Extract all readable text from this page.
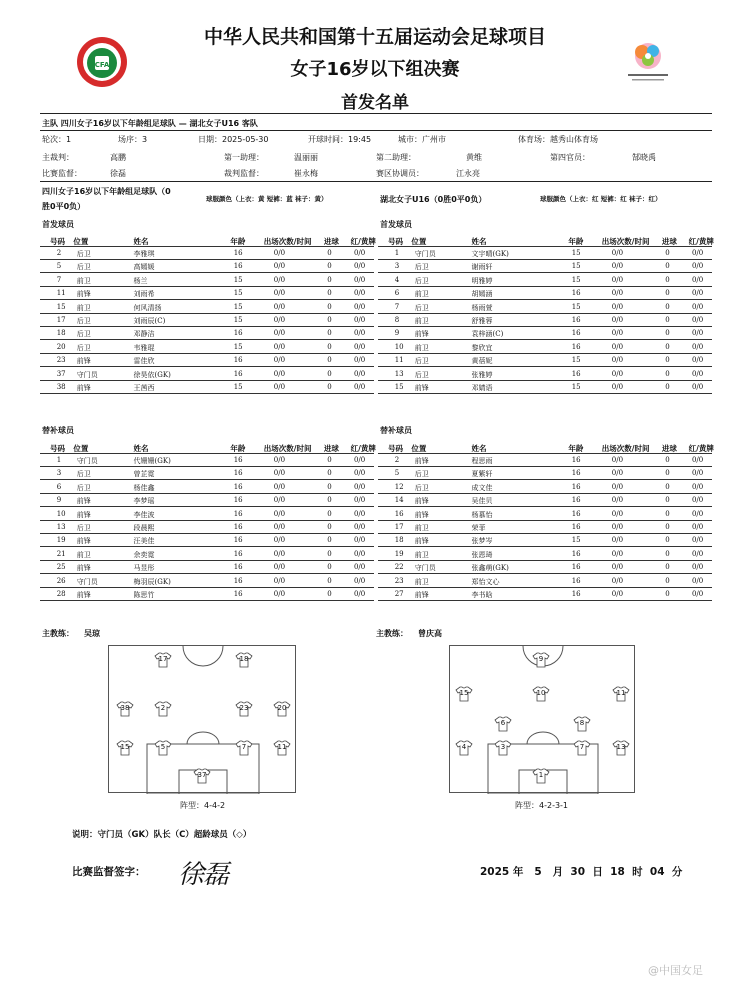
CFA
中华人民共和国第十五届运动会足球项目
女子16岁以下组决赛
首发名单
主队 四川女子16岁以下年龄组足球队 — 湖北女子U16 客队
轮次：1	场序：3	日期：2025-05-30	开球时间：19:45	城市：广州市	体育场：越秀山体育场
主裁判：	高鹏	第一助理：	温丽丽	第二助理：	黄维	第四官员：	郜晓禹
比赛监督：	徐磊	裁判监督：	崔永梅	赛区协调员：	江永亮
四川女子16岁以下年龄组足球队（0
胜0平0负）
球服颜色（上衣：黄 短裤：蓝 袜子：黄）	湖北女子U16（0胜0平0负）	球服颜色（上衣：红 短裤：红 袜子：红）
首发球员	首发球员
替补球员	替补球员
号码 位置	姓名	年龄 出场次数/时间 进球 红/黄牌
2 后卫	李雅琪	16	0/0	0	0/0
5 后卫	高嫣媛	16	0/0	0	0/0
7 前卫	杨兰	15	0/0	0	0/0
11 前锋	刘雨希	15	0/0	0	0/0
15 前卫	何风清扬	15	0/0	0	0/0
17 后卫	刘雨辰(C)	15	0/0	0	0/0
18 后卫	邓静洁	16	0/0	0	0/0
20 后卫	韦雅琨	15	0/0	0	0/0
23 前锋	雷佳欣	16	0/0	0	0/0
37 守门员	徐昊依(GK)	16	0/0	0	0/0
38 前锋	王茜西	15	0/0	0	0/0
号码 位置	姓名	年龄 出场次数/时间 进球 红/黄牌
1 守门员	文宇晴(GK)	15	0/0	0	0/0
3 后卫	谢雨轩	15	0/0	0	0/0
4 后卫	明雅婷	15	0/0	0	0/0
6 前卫	胡嫣涵	16	0/0	0	0/0
7 后卫	杨雨萱	15	0/0	0	0/0
8 前卫	舒雅蓉	16	0/0	0	0/0
9 前锋	袁梓涵(C)	16	0/0	0	0/0
10 前卫	黎欣宜	16	0/0	0	0/0
11 后卫	黄蓓妮	15	0/0	0	0/0
13 后卫	张雅婷	16	0/0	0	0/0
15 前锋	邓婧语	15	0/0	0	0/0
号码 位置	姓名	年龄 出场次数/时间 进球 红/黄牌
1 守门员	代姗姗(GK)	16	0/0	0	0/0
3 后卫	曾芷霓	16	0/0	0	0/0
6 后卫	杨佳鑫	16	0/0	0	0/0
9 前锋	李梦瑶	16	0/0	0	0/0
10 前锋	李佳波	16	0/0	0	0/0
13 后卫	段晨熙	16	0/0	0	0/0
19 前锋	汪美佳	16	0/0	0	0/0
21 前卫	余奕霓	16	0/0	0	0/0
25 前锋	马昱彤	16	0/0	0	0/0
26 守门员	梅羽辰(GK)	16	0/0	0	0/0
28 前锋	陈思竹	16	0/0	0	0/0
号码 位置	姓名	年龄 出场次数/时间 进球 红/黄牌
2 前锋	程思雨	16	0/0	0	0/0
5 后卫	夏紫轩	16	0/0	0	0/0
12 后卫	成文佳	16	0/0	0	0/0
14 前锋	吴佳贝	16	0/0	0	0/0
16 前锋	杨慕怡	16	0/0	0	0/0
17 前卫	荣菲	16	0/0	0	0/0
18 前锋	张梦岑	15	0/0	0	0/0
19 前卫	张恩琦	16	0/0	0	0/0
22 守门员	张鑫萌(GK)	16	0/0	0	0/0
23 前卫	郑怡文心	16	0/0	0	0/0
27 前锋	李书晗	16	0/0	0	0/0
主教练： 吴琼	主教练： 曾庆高
17	18
38	2	23	20
15	5	7	11
37
9
15	10	11
6	8
4	3	7	13
1
阵型：4-4-2	阵型：4-2-3-1
说明：守门员（GK）队长（C）超龄球员（◇）
比赛监督签字： 徐磊	2025 年   5   月  30  日  18  时  04  分
@中国女足
